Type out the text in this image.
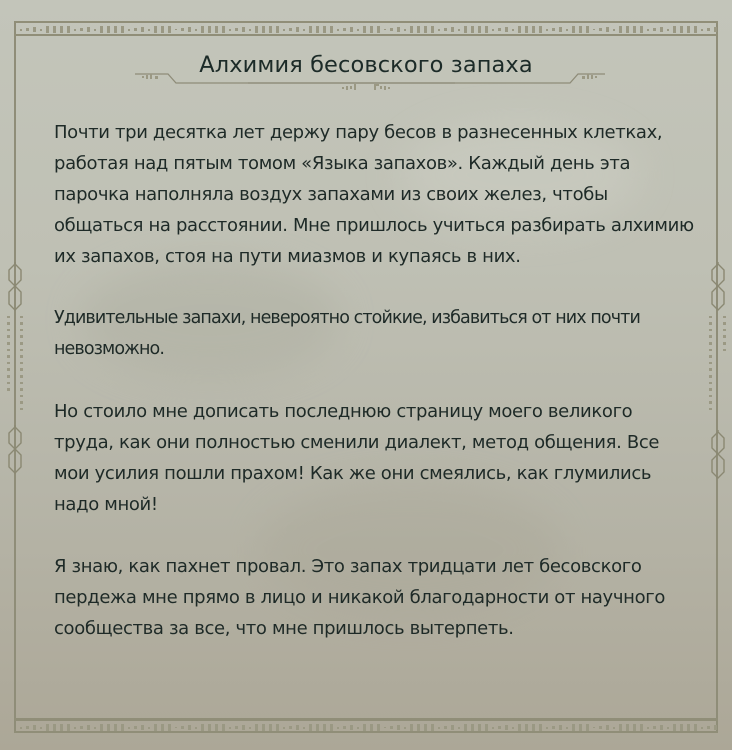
Алхимия бесовского запаха

Почти три десятка лет держу пару бесов в разнесенных клетках, работая над пятым томом «Языка запахов». Каждый день эта парочка наполняла воздух запахами из своих желез, чтобы общаться на расстоянии. Мне пришлось учиться разбирать алхимию их запахов, стоя на пути миазмов и купаясь в них.

Удивительные запахи, невероятно стойкие, избавиться от них почти невозможно.

Но стоило мне дописать последнюю страницу моего великого труда, как они полностью сменили диалект, метод общения. Все мои усилия пошли прахом! Как же они смеялись, как глумились надо мной!

Я знаю, как пахнет провал. Это запах тридцати лет бесовского пердежа мне прямо в лицо и никакой благодарности от научного сообщества за все, что мне пришлось вытерпеть.
